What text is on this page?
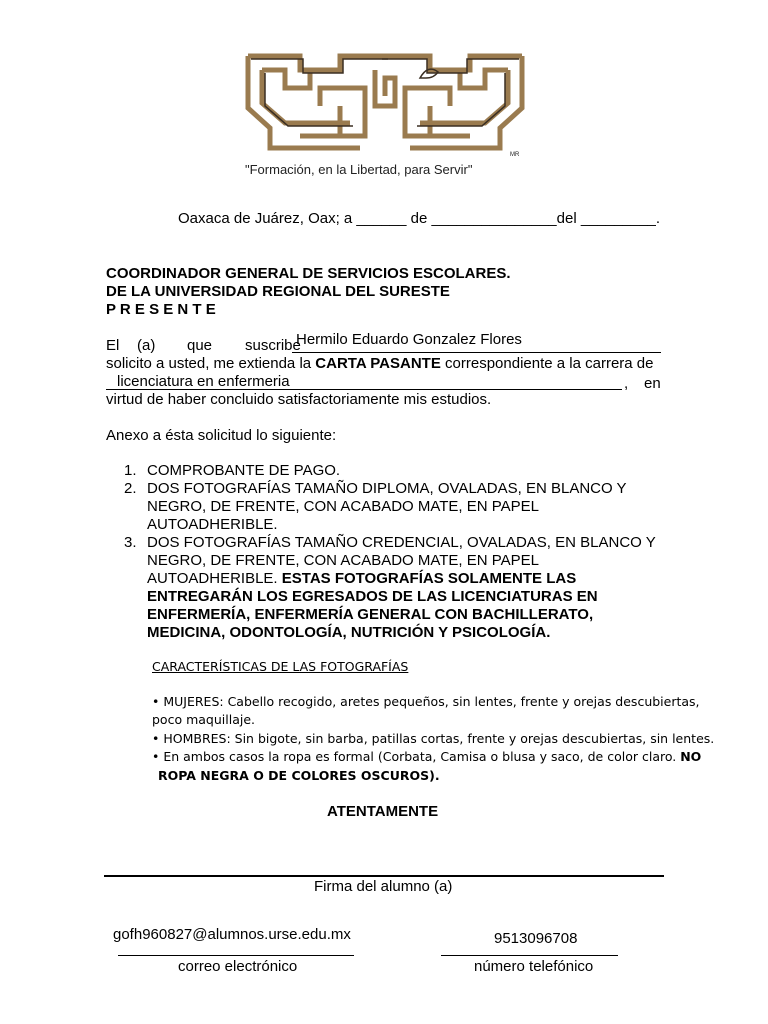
MR
"Formación, en la Libertad, para Servir"
Oaxaca de Juárez, Oax; a ______ de _______________del _________.
COORDINADOR GENERAL DE SERVICIOS ESCOLARES.
DE LA UNIVERSIDAD REGIONAL DEL SURESTE
P R E S E N T E
El (a) que suscribe
Hermilo Eduardo Gonzalez Flores
solicito a usted, me extienda la CARTA PASANTE correspondiente a la carrera de
licenciatura en enfermeria	, en
virtud de haber concluido satisfactoriamente mis estudios.
Anexo a ésta solicitud lo siguiente:
1. COMPROBANTE DE PAGO.
2. DOS FOTOGRAFÍAS TAMAÑO DIPLOMA, OVALADAS, EN BLANCO Y
NEGRO, DE FRENTE, CON ACABADO MATE, EN PAPEL
AUTOADHERIBLE.
3. DOS FOTOGRAFÍAS TAMAÑO CREDENCIAL, OVALADAS, EN BLANCO Y
NEGRO, DE FRENTE, CON ACABADO MATE, EN PAPEL
AUTOADHERIBLE. ESTAS FOTOGRAFÍAS SOLAMENTE LAS
ENTREGARÁN LOS EGRESADOS DE LAS LICENCIATURAS EN
ENFERMERÍA, ENFERMERÍA GENERAL CON BACHILLERATO,
MEDICINA, ODONTOLOGÍA, NUTRICIÓN Y PSICOLOGÍA.
CARACTERÍSTICAS DE LAS FOTOGRAFÍAS
• MUJERES: Cabello recogido, aretes pequeños, sin lentes, frente y orejas descubiertas,
poco maquillaje.
• HOMBRES: Sin bigote, sin barba, patillas cortas, frente y orejas descubiertas, sin lentes.
• En ambos casos la ropa es formal (Corbata, Camisa o blusa y saco, de color claro. NO
ROPA NEGRA O DE COLORES OSCUROS).
ATENTAMENTE
Firma del alumno (a)
gofh960827@alumnos.urse.edu.mx
correo electrónico
9513096708
número telefónico
